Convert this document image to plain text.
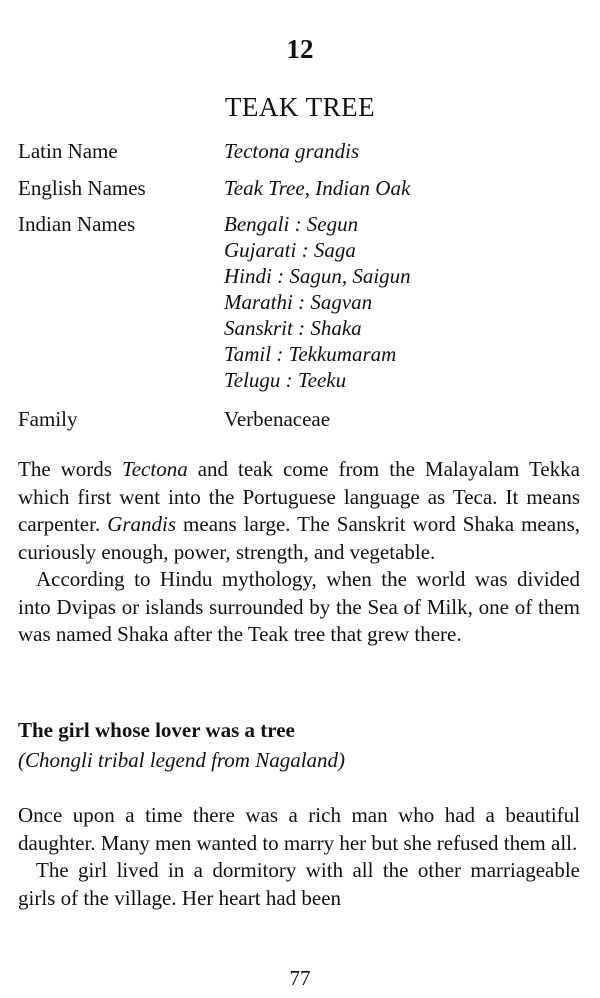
12
TEAK TREE
Latin Name	Tectona grandis
English Names	Teak Tree, Indian Oak
Indian Names	Bengali : Segun
Gujarati : Saga
Hindi : Sagun, Saigun
Marathi : Sagvan
Sanskrit : Shaka
Tamil : Tekkumaram
Telugu : Teeku
Family	Verbenaceae

The words Tectona and teak come from the Malayalam Tekka which first went into the Portuguese language as Teca. It means carpenter. Grandis means large. The Sanskrit word Shaka means, curiously enough, power, strength, and vegetable.

According to Hindu mythology, when the world was divided into Dvipas or islands surrounded by the Sea of Milk, one of them was named Shaka after the Teak tree that grew there.

The girl whose lover was a tree
(Chongli tribal legend from Nagaland)

Once upon a time there was a rich man who had a beautiful daughter. Many men wanted to marry her but she refused them all.

The girl lived in a dormitory with all the other marriageable girls of the village. Her heart had been

77
